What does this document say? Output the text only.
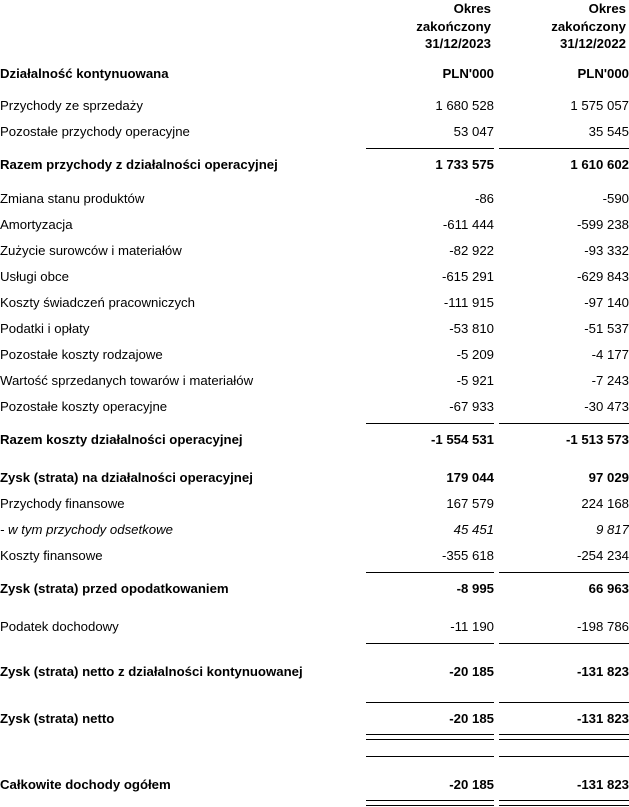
		Okres
zakończony
31/12/2023		Okres
zakończony
31/12/2022

Działalność kontynuowana		PLN'000		PLN'000

Przychody ze sprzedaży		1 680 528		1 575 057
Pozostałe przychody operacyjne		53 047		35 545

Razem przychody z działalności operacyjnej		1 733 575		1 610 602

Zmiana stanu produktów		-86		-590
Amortyzacja		-611 444		-599 238
Zużycie surowców i materiałów		-82 922		-93 332
Usługi obce		-615 291		-629 843
Koszty świadczeń pracowniczych		-111 915		-97 140
Podatki i opłaty		-53 810		-51 537
Pozostałe koszty rodzajowe		-5 209		-4 177
Wartość sprzedanych towarów i materiałów		-5 921		-7 243
Pozostałe koszty operacyjne		-67 933		-30 473

Razem koszty działalności operacyjnej		-1 554 531		-1 513 573

Zysk (strata) na działalności operacyjnej		179 044		97 029
Przychody finansowe		167 579		224 168
- w tym przychody odsetkowe		45 451		9 817
Koszty finansowe		-355 618		-254 234

Zysk (strata) przed opodatkowaniem		-8 995		66 963

Podatek dochodowy		-11 190		-198 786

Zysk (strata) netto z działalności kontynuowanej		-20 185		-131 823

Zysk (strata) netto		-20 185		-131 823

Całkowite dochody ogółem		-20 185		-131 823
